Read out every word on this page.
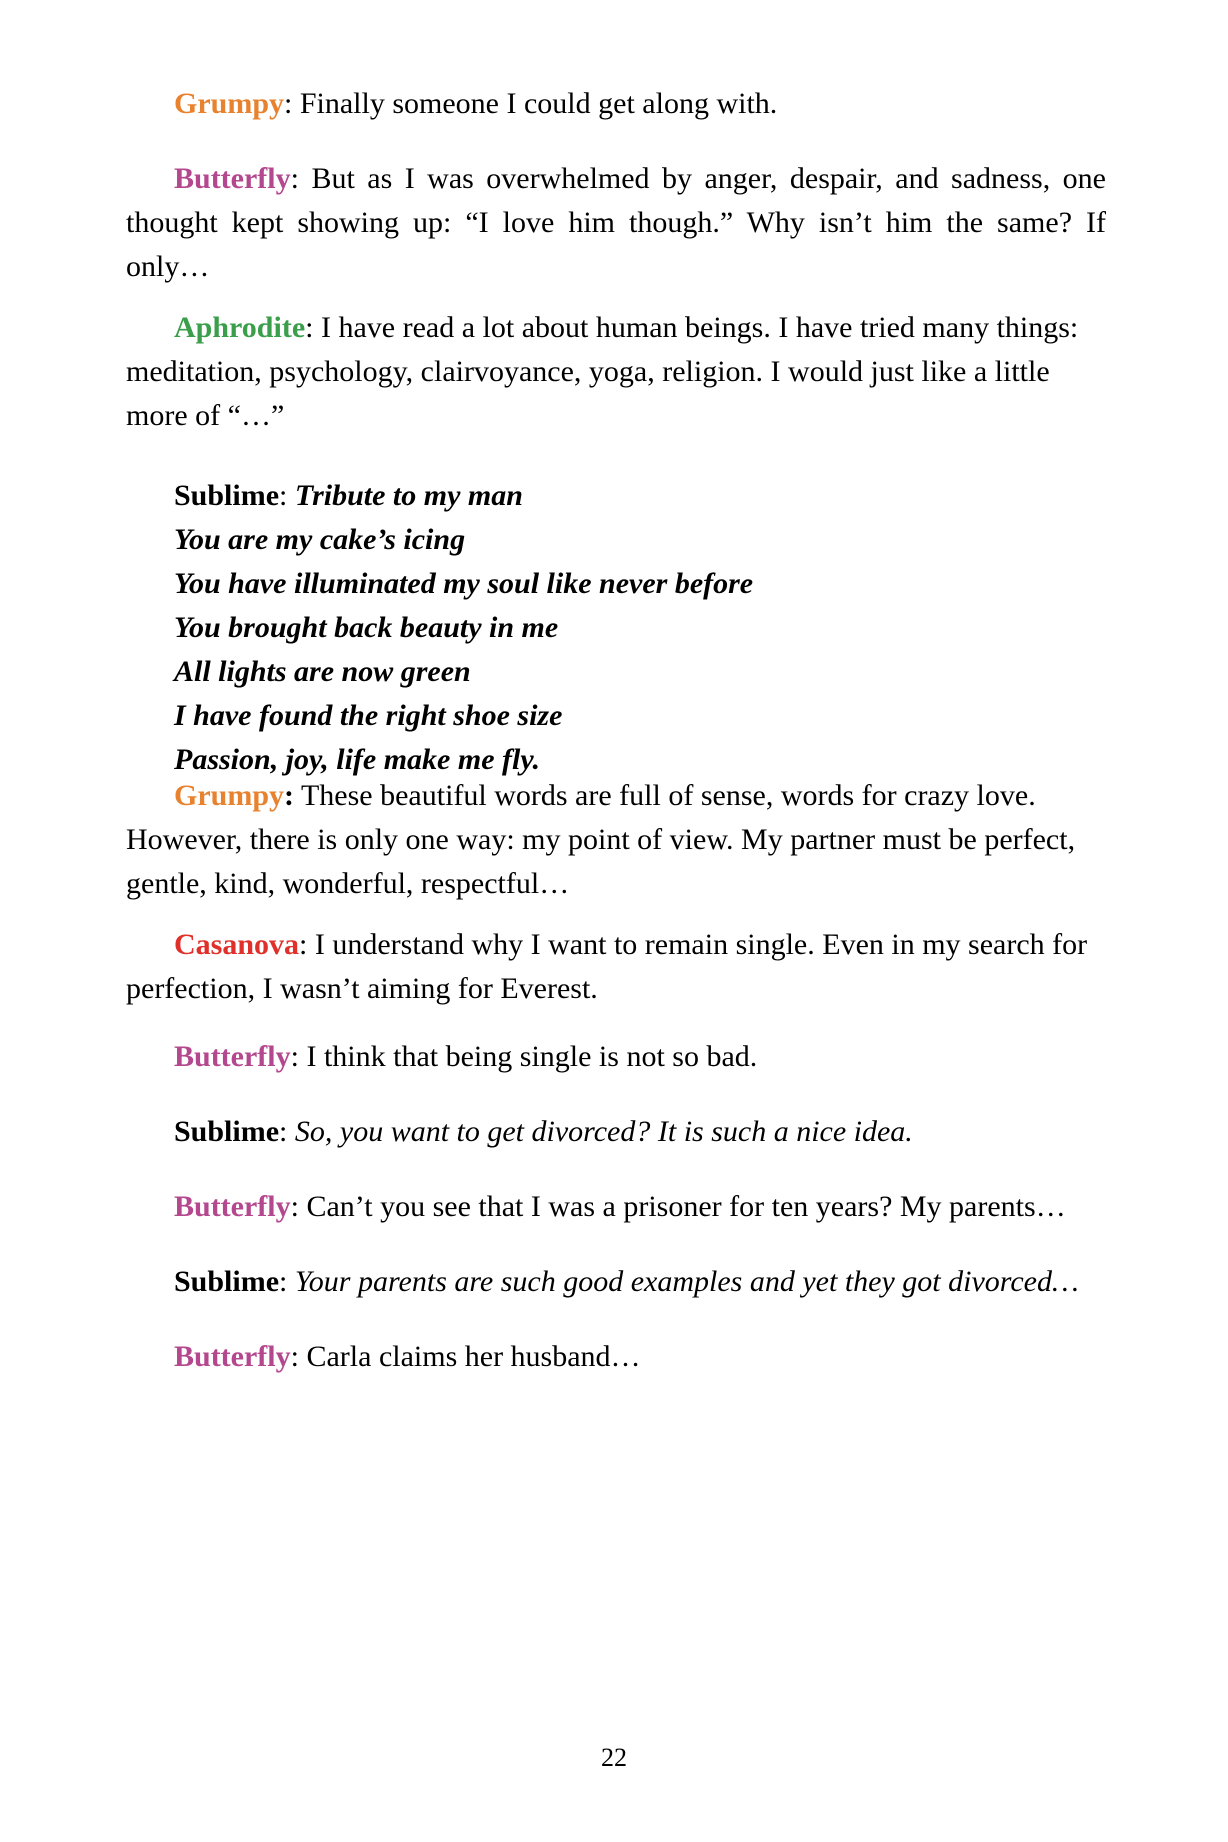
Grumpy: Finally someone I could get along with.

Butterfly: But as I was overwhelmed by anger, despair, and sadness, one thought kept showing up: “I love him though.” Why isn’t him the same? If only…

Aphrodite: I have read a lot about human beings. I have tried many things: meditation, psychology, clairvoyance, yoga, religion. I would just like a little more of “…”

Sublime: Tribute to my man
You are my cake’s icing
You have illuminated my soul like never before
You brought back beauty in me
All lights are now green
I have found the right shoe size
Passion, joy, life make me fly.

Grumpy: These beautiful words are full of sense, words for crazy love. However, there is only one way: my point of view. My partner must be perfect, gentle, kind, wonderful, respectful…

Casanova: I understand why I want to remain single. Even in my search for perfection, I wasn’t aiming for Everest.

Butterfly: I think that being single is not so bad.

Sublime: So, you want to get divorced? It is such a nice idea.

Butterfly: Can’t you see that I was a prisoner for ten years? My parents…

Sublime: Your parents are such good examples and yet they got divorced…

Butterfly: Carla claims her husband…

22
